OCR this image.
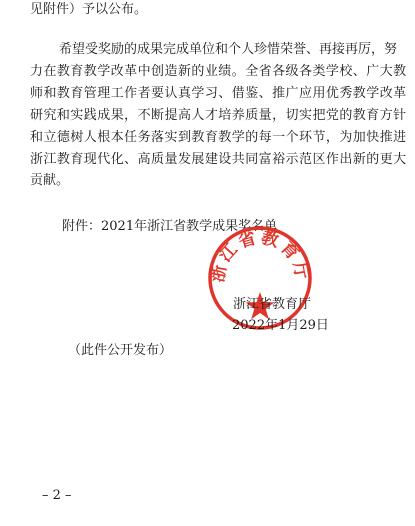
见附件）予以公布。
希望受奖励的成果完成单位和个人珍惜荣誉、再接再厉，努
力在教育教学改革中创造新的业绩。全省各级各类学校、广大教
师和教育管理工作者要认真学习、借鉴、推广应用优秀教学改革
研究和实践成果，不断提高人才培养质量，切实把党的教育方针
和立德树人根本任务落实到教育教学的每一个环节，为加快推进
浙江教育现代化、高质量发展建设共同富裕示范区作出新的更大
贡献。
附件：2021年浙江省教学成果奖名单
浙江省教育厅
浙江省教育厅
2022年1月29日
（此件公开发布）
– 2 –
